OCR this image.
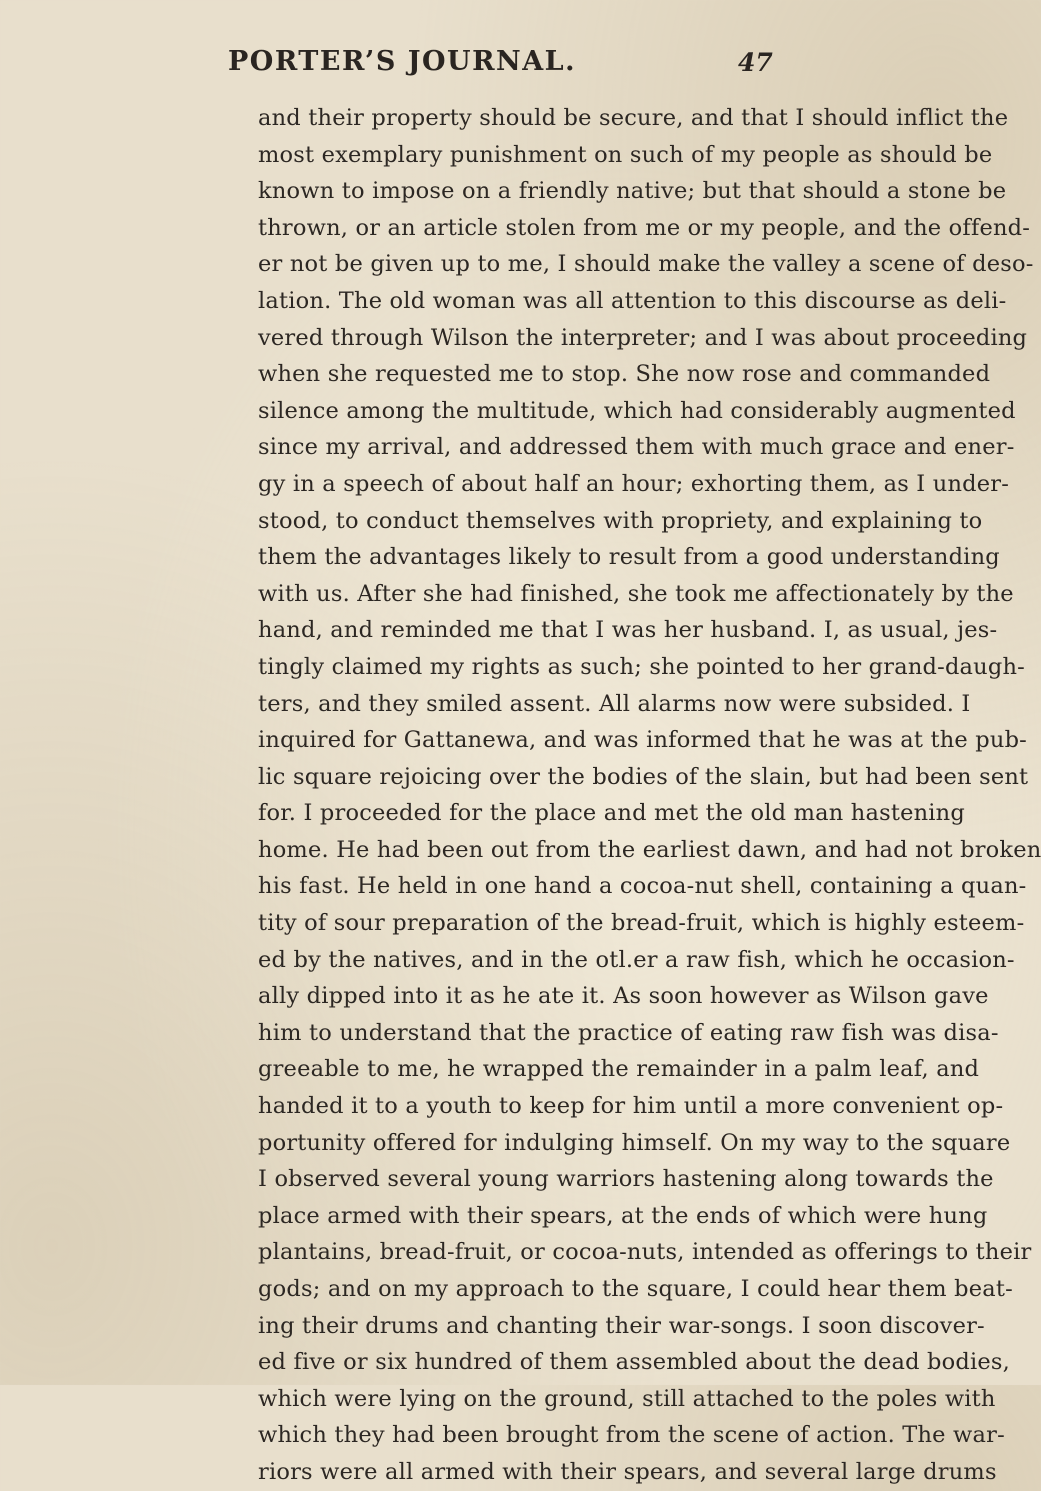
PORTER’S JOURNAL.	47
and their property should be secure, and that I should inflict the
most exemplary punishment on such of my people as should be
known to impose on a friendly native; but that should a stone be
thrown, or an article stolen from me or my people, and the offend-
er not be given up to me, I should make the valley a scene of deso-
lation. The old woman was all attention to this discourse as deli-
vered through Wilson the interpreter; and I was about proceeding
when she requested me to stop. She now rose and commanded
silence among the multitude, which had considerably augmented
since my arrival, and addressed them with much grace and ener-
gy in a speech of about half an hour; exhorting them, as I under-
stood, to conduct themselves with propriety, and explaining to
them the advantages likely to result from a good understanding
with us. After she had finished, she took me affectionately by the
hand, and reminded me that I was her husband. I, as usual, jes-
tingly claimed my rights as such; she pointed to her grand-daugh-
ters, and they smiled assent. All alarms now were subsided. I
inquired for Gattanewa, and was informed that he was at the pub-
lic square rejoicing over the bodies of the slain, but had been sent
for. I proceeded for the place and met the old man hastening
home. He had been out from the earliest dawn, and had not broken
his fast. He held in one hand a cocoa-nut shell, containing a quan-
tity of sour preparation of the bread-fruit, which is highly esteem-
ed by the natives, and in the otl.er a raw fish, which he occasion-
ally dipped into it as he ate it. As soon however as Wilson gave
him to understand that the practice of eating raw fish was disa-
greeable to me, he wrapped the remainder in a palm leaf, and
handed it to a youth to keep for him until a more convenient op-
portunity offered for indulging himself. On my way to the square
I observed several young warriors hastening along towards the
place armed with their spears, at the ends of which were hung
plantains, bread-fruit, or cocoa-nuts, intended as offerings to their
gods; and on my approach to the square, I could hear them beat-
ing their drums and chanting their war-songs. I soon discover-
ed five or six hundred of them assembled about the dead bodies,
which were lying on the ground, still attached to the poles with
which they had been brought from the scene of action. The war-
riors were all armed with their spears, and several large drums
